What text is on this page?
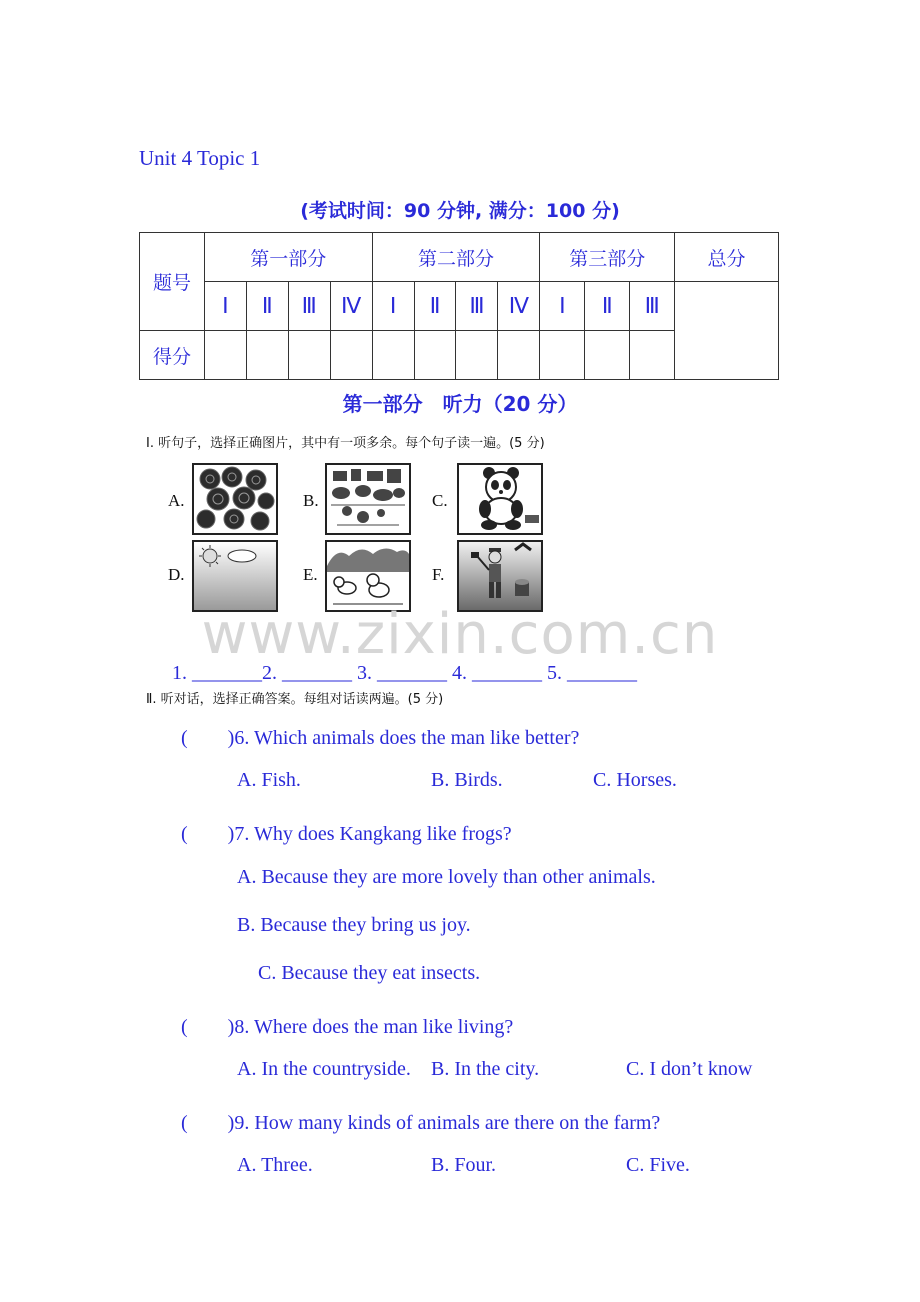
Unit 4 Topic 1
(考试时间：90 分钟, 满分：100 分)
题号	第一部分				第二部分				第三部分			总分
	Ⅰ	Ⅱ	Ⅲ	Ⅳ	Ⅰ	Ⅱ	Ⅲ	Ⅳ	Ⅰ	Ⅱ	Ⅲ	
得分												
第一部分　听力（20 分）
Ⅰ. 听句子，选择正确图片，其中有一项多余。每个句子读一遍。(5 分)
A.	B.	C.
D.	E.	F.
www.zixin.com.cn
1. _______2. _______ 3. _______ 4. _______ 5. _______
Ⅱ. 听对话，选择正确答案。每组对话读两遍。(5 分)
(　　)6. Which animals does the man like better?
A. Fish.	B. Birds.	C. Horses.
(　　)7. Why does Kangkang like frogs?
A. Because they are more lovely than other animals.
B. Because they bring us joy.
C. Because they eat insects.
(　　)8. Where does the man like living?
A. In the countryside. B. In the city.	C. I don’t know
(　　)9. How many kinds of animals are there on the farm?
A. Three.	B. Four.	C. Five.
